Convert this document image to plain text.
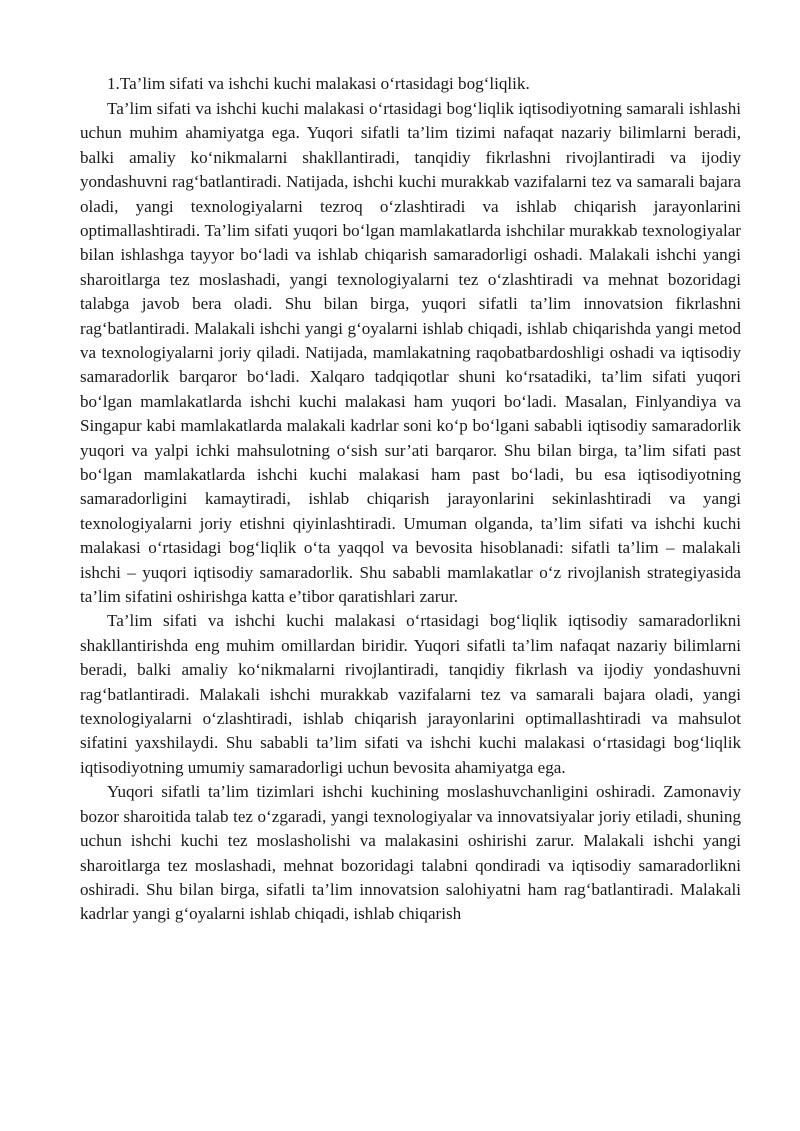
1.Ta’lim sifati va ishchi kuchi malakasi o‘rtasidagi bog‘liqlik.

Ta’lim sifati va ishchi kuchi malakasi o‘rtasidagi bog‘liqlik iqtisodiyotning samarali ishlashi uchun muhim ahamiyatga ega. Yuqori sifatli ta’lim tizimi nafaqat nazariy bilimlarni beradi, balki amaliy ko‘nikmalarni shakllantiradi, tanqidiy fikrlashni rivojlantiradi va ijodiy yondashuvni rag‘batlantiradi. Natijada, ishchi kuchi murakkab vazifalarni tez va samarali bajara oladi, yangi texnologiyalarni tezroq o‘zlashtiradi va ishlab chiqarish jarayonlarini optimallashtiradi. Ta’lim sifati yuqori bo‘lgan mamlakatlarda ishchilar murakkab texnologiyalar bilan ishlashga tayyor bo‘ladi va ishlab chiqarish samaradorligi oshadi. Malakali ishchi yangi sharoitlarga tez moslashadi, yangi texnologiyalarni tez o‘zlashtiradi va mehnat bozoridagi talabga javob bera oladi. Shu bilan birga, yuqori sifatli ta’lim innovatsion fikrlashni rag‘batlantiradi. Malakali ishchi yangi g‘oyalarni ishlab chiqadi, ishlab chiqarishda yangi metod va texnologiyalarni joriy qiladi. Natijada, mamlakatning raqobatbardoshligi oshadi va iqtisodiy samaradorlik barqaror bo‘ladi. Xalqaro tadqiqotlar shuni ko‘rsatadiki, ta’lim sifati yuqori bo‘lgan mamlakatlarda ishchi kuchi malakasi ham yuqori bo‘ladi. Masalan, Finlyandiya va Singapur kabi mamlakatlarda malakali kadrlar soni ko‘p bo‘lgani sababli iqtisodiy samaradorlik yuqori va yalpi ichki mahsulotning o‘sish sur’ati barqaror. Shu bilan birga, ta’lim sifati past bo‘lgan mamlakatlarda ishchi kuchi malakasi ham past bo‘ladi, bu esa iqtisodiyotning samaradorligini kamaytiradi, ishlab chiqarish jarayonlarini sekinlashtiradi va yangi texnologiyalarni joriy etishni qiyinlashtiradi. Umuman olganda, ta’lim sifati va ishchi kuchi malakasi o‘rtasidagi bog‘liqlik o‘ta yaqqol va bevosita hisoblanadi: sifatli ta’lim – malakali ishchi – yuqori iqtisodiy samaradorlik. Shu sababli mamlakatlar o‘z rivojlanish strategiyasida ta’lim sifatini oshirishga katta e’tibor qaratishlari zarur.

Ta’lim sifati va ishchi kuchi malakasi o‘rtasidagi bog‘liqlik iqtisodiy samaradorlikni shakllantirishda eng muhim omillardan biridir. Yuqori sifatli ta’lim nafaqat nazariy bilimlarni beradi, balki amaliy ko‘nikmalarni rivojlantiradi, tanqidiy fikrlash va ijodiy yondashuvni rag‘batlantiradi. Malakali ishchi murakkab vazifalarni tez va samarali bajara oladi, yangi texnologiyalarni o‘zlashtiradi, ishlab chiqarish jarayonlarini optimallashtiradi va mahsulot sifatini yaxshilaydi. Shu sababli ta’lim sifati va ishchi kuchi malakasi o‘rtasidagi bog‘liqlik iqtisodiyotning umumiy samaradorligi uchun bevosita ahamiyatga ega.

Yuqori sifatli ta’lim tizimlari ishchi kuchining moslashuvchanligini oshiradi. Zamonaviy bozor sharoitida talab tez o‘zgaradi, yangi texnologiyalar va innovatsiyalar joriy etiladi, shuning uchun ishchi kuchi tez moslasholishi va malakasini oshirishi zarur. Malakali ishchi yangi sharoitlarga tez moslashadi, mehnat bozoridagi talabni qondiradi va iqtisodiy samaradorlikni oshiradi. Shu bilan birga, sifatli ta’lim innovatsion salohiyatni ham rag‘batlantiradi. Malakali kadrlar yangi g‘oyalarni ishlab chiqadi, ishlab chiqarish
